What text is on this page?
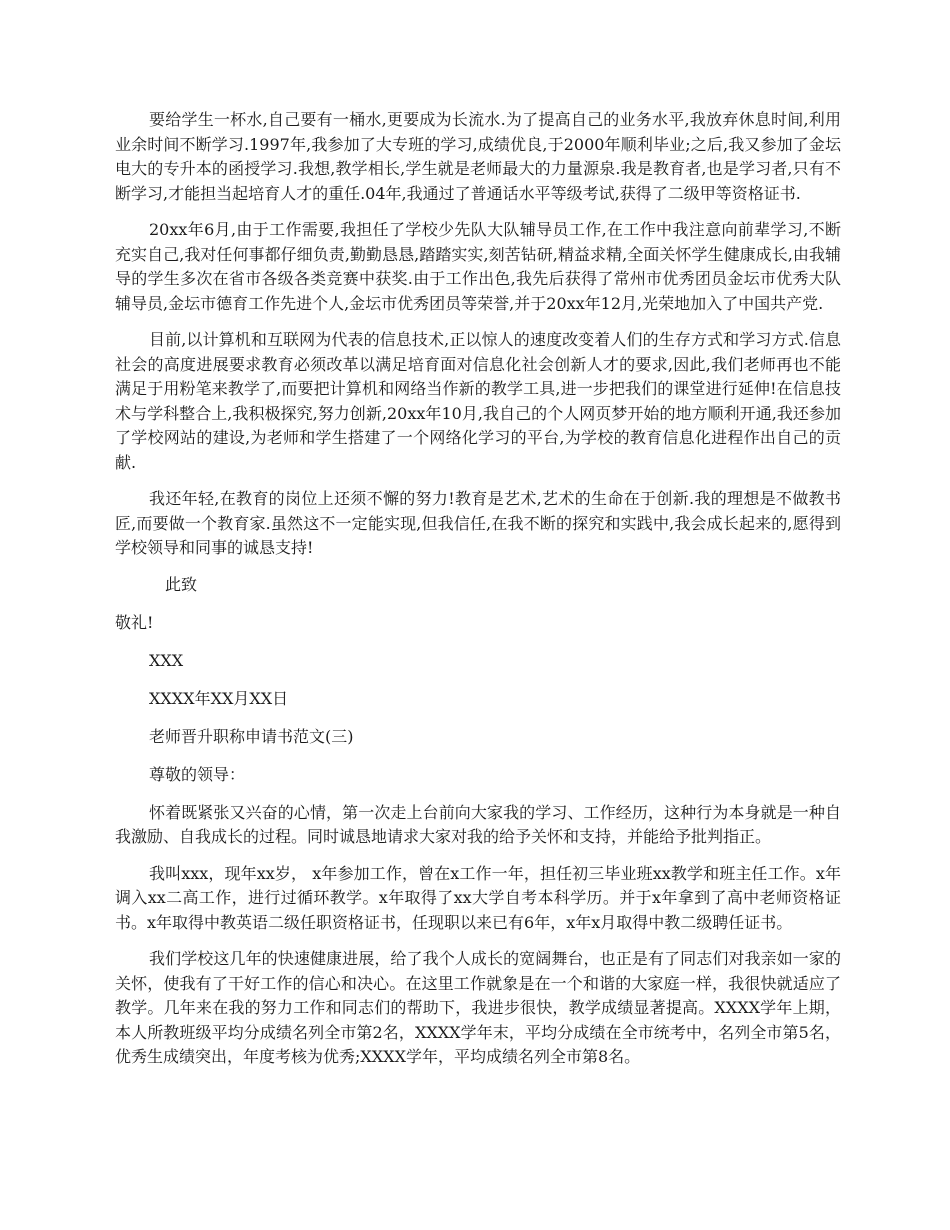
要给学生一杯水,自己要有一桶水,更要成为长流水.为了提高自己的业务水平,我放弃休息时间,利用业余时间不断学习.1997年,我参加了大专班的学习,成绩优良,于2000年顺利毕业;之后,我又参加了金坛电大的专升本的函授学习.我想,教学相长,学生就是老师最大的力量源泉.我是教育者,也是学习者,只有不断学习,才能担当起培育人才的重任.04年,我通过了普通话水平等级考试,获得了二级甲等资格证书.

20xx年6月,由于工作需要,我担任了学校少先队大队辅导员工作,在工作中我注意向前辈学习,不断充实自己,我对任何事都仔细负责,勤勤恳恳,踏踏实实,刻苦钻研,精益求精,全面关怀学生健康成长,由我辅导的学生多次在省市各级各类竞赛中获奖.由于工作出色,我先后获得了常州市优秀团员金坛市优秀大队辅导员,金坛市德育工作先进个人,金坛市优秀团员等荣誉,并于20xx年12月,光荣地加入了中国共产党.

目前,以计算机和互联网为代表的信息技术,正以惊人的速度改变着人们的生存方式和学习方式.信息社会的高度进展要求教育必须改革以满足培育面对信息化社会创新人才的要求,因此,我们老师再也不能满足于用粉笔来教学了,而要把计算机和网络当作新的教学工具,进一步把我们的课堂进行延伸!在信息技术与学科整合上,我积极探究,努力创新,20xx年10月,我自己的个人网页梦开始的地方顺利开通,我还参加了学校网站的建设,为老师和学生搭建了一个网络化学习的平台,为学校的教育信息化进程作出自己的贡献.

我还年轻,在教育的岗位上还须不懈的努力!教育是艺术,艺术的生命在于创新.我的理想是不做教书匠,而要做一个教育家.虽然这不一定能实现,但我信任,在我不断的探究和实践中,我会成长起来的,愿得到学校领导和同事的诚恳支持!

此致

敬礼!

XXX

XXXX年XX月XX日

老师晋升职称申请书范文(三)

尊敬的领导：

怀着既紧张又兴奋的心情，第一次走上台前向大家我的学习、工作经历，这种行为本身就是一种自我激励、自我成长的过程。同时诚恳地请求大家对我的给予关怀和支持，并能给予批判指正。

我叫xxx，现年xx岁， x年参加工作，曾在x工作一年，担任初三毕业班xx教学和班主任工作。x年调入xx二高工作，进行过循环教学。x年取得了xx大学自考本科学历。并于x年拿到了高中老师资格证书。x年取得中教英语二级任职资格证书，任现职以来已有6年，x年x月取得中教二级聘任证书。

我们学校这几年的快速健康进展，给了我个人成长的宽阔舞台，也正是有了同志们对我亲如一家的关怀，使我有了干好工作的信心和决心。在这里工作就象是在一个和谐的大家庭一样，我很快就适应了教学。几年来在我的努力工作和同志们的帮助下，我进步很快，教学成绩显著提高。XXXX学年上期，本人所教班级平均分成绩名列全市第2名，XXXX学年末，平均分成绩在全市统考中，名列全市第5名，优秀生成绩突出，年度考核为优秀;XXXX学年，平均成绩名列全市第8名。
